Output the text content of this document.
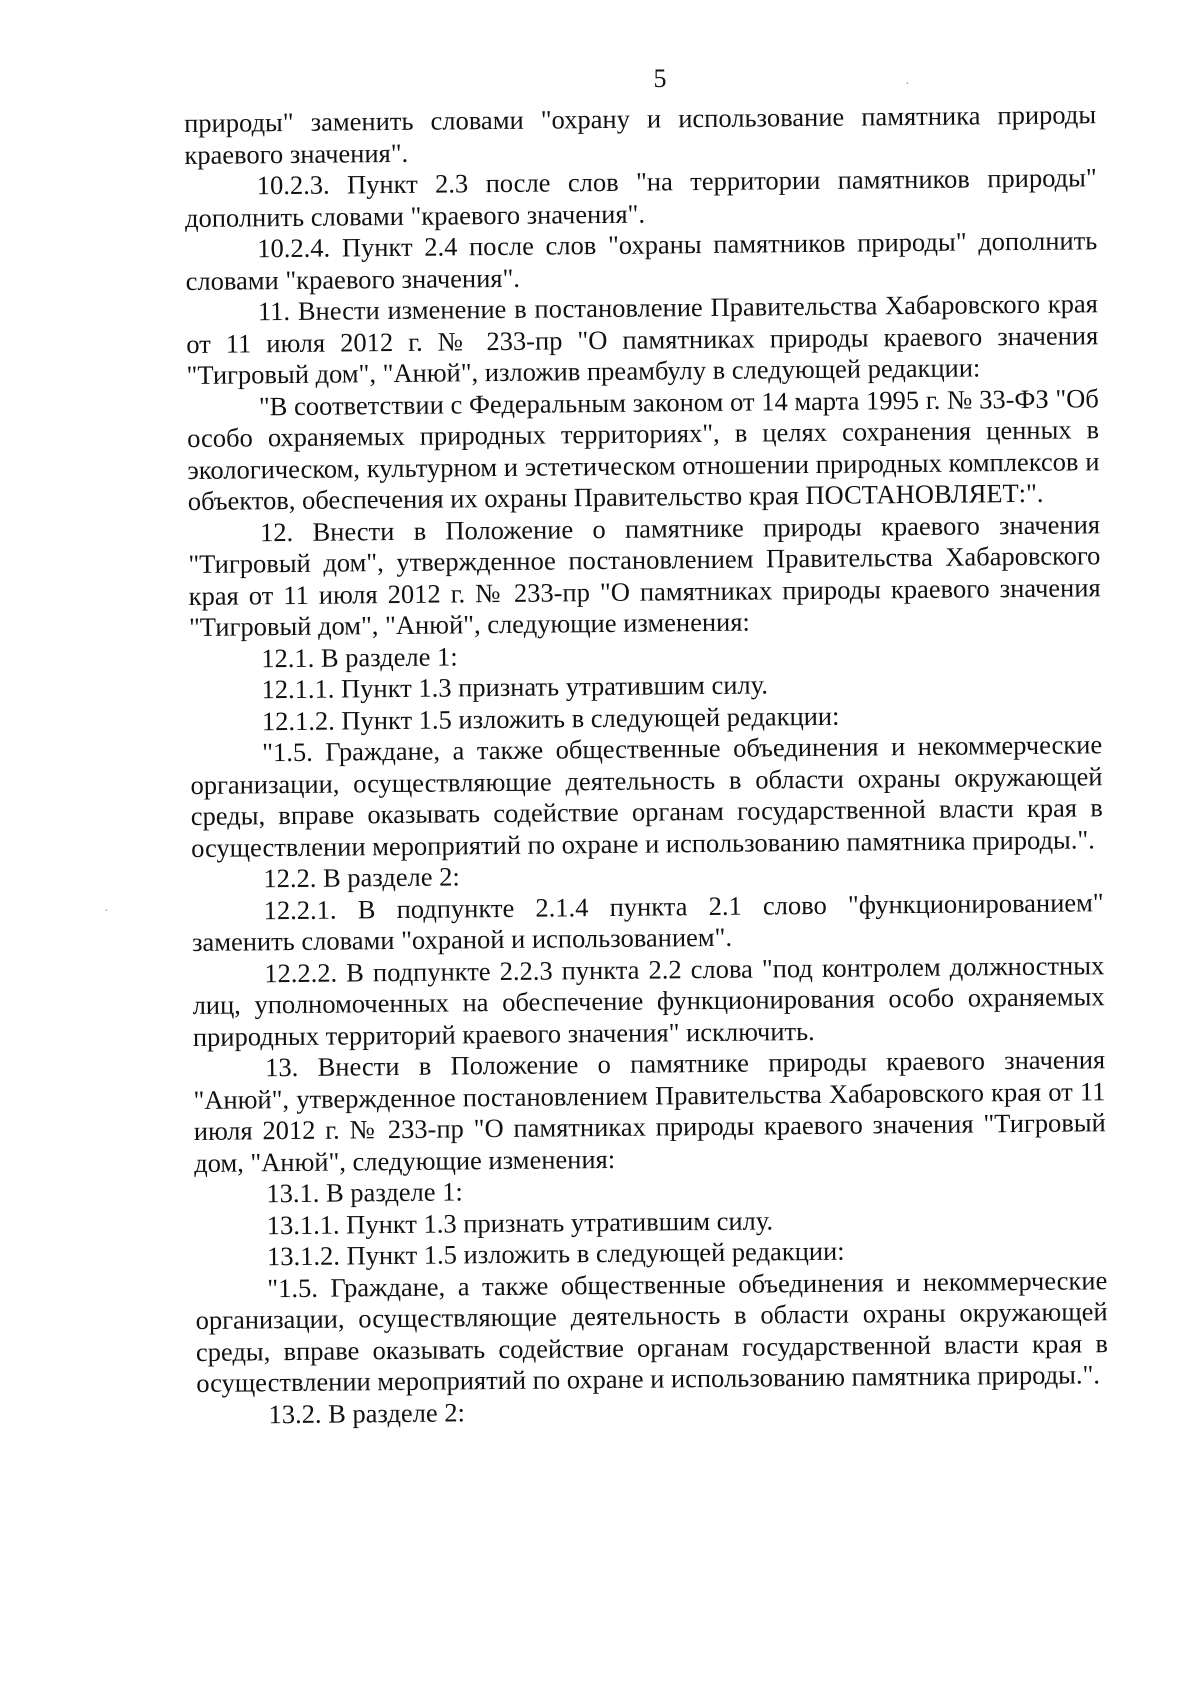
5

природы" заменить словами "охрану и использование памятника природы краевого значения".

10.2.3. Пункт 2.3 после слов "на территории памятников природы" дополнить словами "краевого значения".

10.2.4. Пункт 2.4 после слов "охраны памятников природы" дополнить словами "краевого значения".

11. Внести изменение в постановление Правительства Хабаровского края от 11 июля 2012 г. № 233-пр "О памятниках природы краевого значения "Тигровый дом", "Анюй", изложив преамбулу в следующей редакции:

"В соответствии с Федеральным законом от 14 марта 1995 г. № 33-ФЗ "Об особо охраняемых природных территориях", в целях сохранения ценных в экологическом, культурном и эстетическом отношении природных комплексов и объектов, обеспечения их охраны Правительство края ПОСТАНОВЛЯЕТ:".

12. Внести в Положение о памятнике природы краевого значения "Тигровый дом", утвержденное постановлением Правительства Хабаровского края от 11 июля 2012 г. № 233-пр "О памятниках природы краевого значения "Тигровый дом", "Анюй", следующие изменения:

12.1. В разделе 1:

12.1.1. Пункт 1.3 признать утратившим силу.

12.1.2. Пункт 1.5 изложить в следующей редакции:

"1.5. Граждане, а также общественные объединения и некоммерческие организации, осуществляющие деятельность в области охраны окружающей среды, вправе оказывать содействие органам государственной власти края в осуществлении мероприятий по охране и использованию памятника природы.".

12.2. В разделе 2:

12.2.1. В подпункте 2.1.4 пункта 2.1 слово "функционированием" заменить словами "охраной и использованием".

12.2.2. В подпункте 2.2.3 пункта 2.2 слова "под контролем должностных лиц, уполномоченных на обеспечение функционирования особо охраняемых природных территорий краевого значения" исключить.

13. Внести в Положение о памятнике природы краевого значения "Анюй", утвержденное постановлением Правительства Хабаровского края от 11 июля 2012 г. № 233-пр "О памятниках природы краевого значения "Тигровый дом, "Анюй", следующие изменения:

13.1. В разделе 1:

13.1.1. Пункт 1.3 признать утратившим силу.

13.1.2. Пункт 1.5 изложить в следующей редакции:

"1.5. Граждане, а также общественные объединения и некоммерческие организации, осуществляющие деятельность в области охраны окружающей среды, вправе оказывать содействие органам государственной власти края в осуществлении мероприятий по охране и использованию памятника природы.".

13.2. В разделе 2:

·
·
